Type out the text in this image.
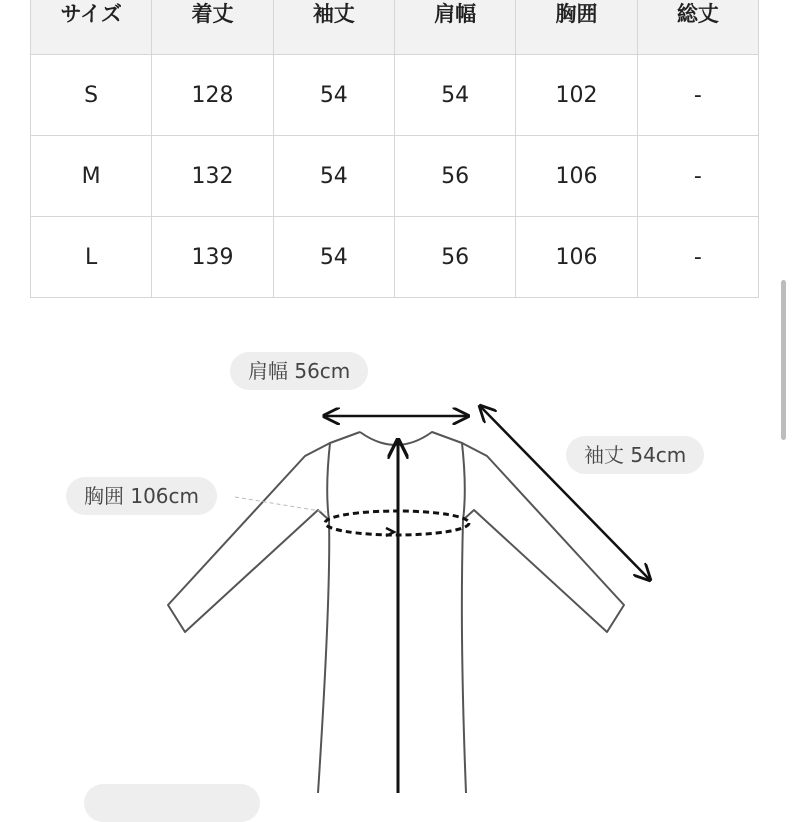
サイズ	着丈	袖丈	肩幅	胸囲	総丈
S	128	54	54	102	-
M	132	54	56	106	-
L	139	54	56	106	-
肩幅 56cm
袖丈 54cm
胸囲 106cm
